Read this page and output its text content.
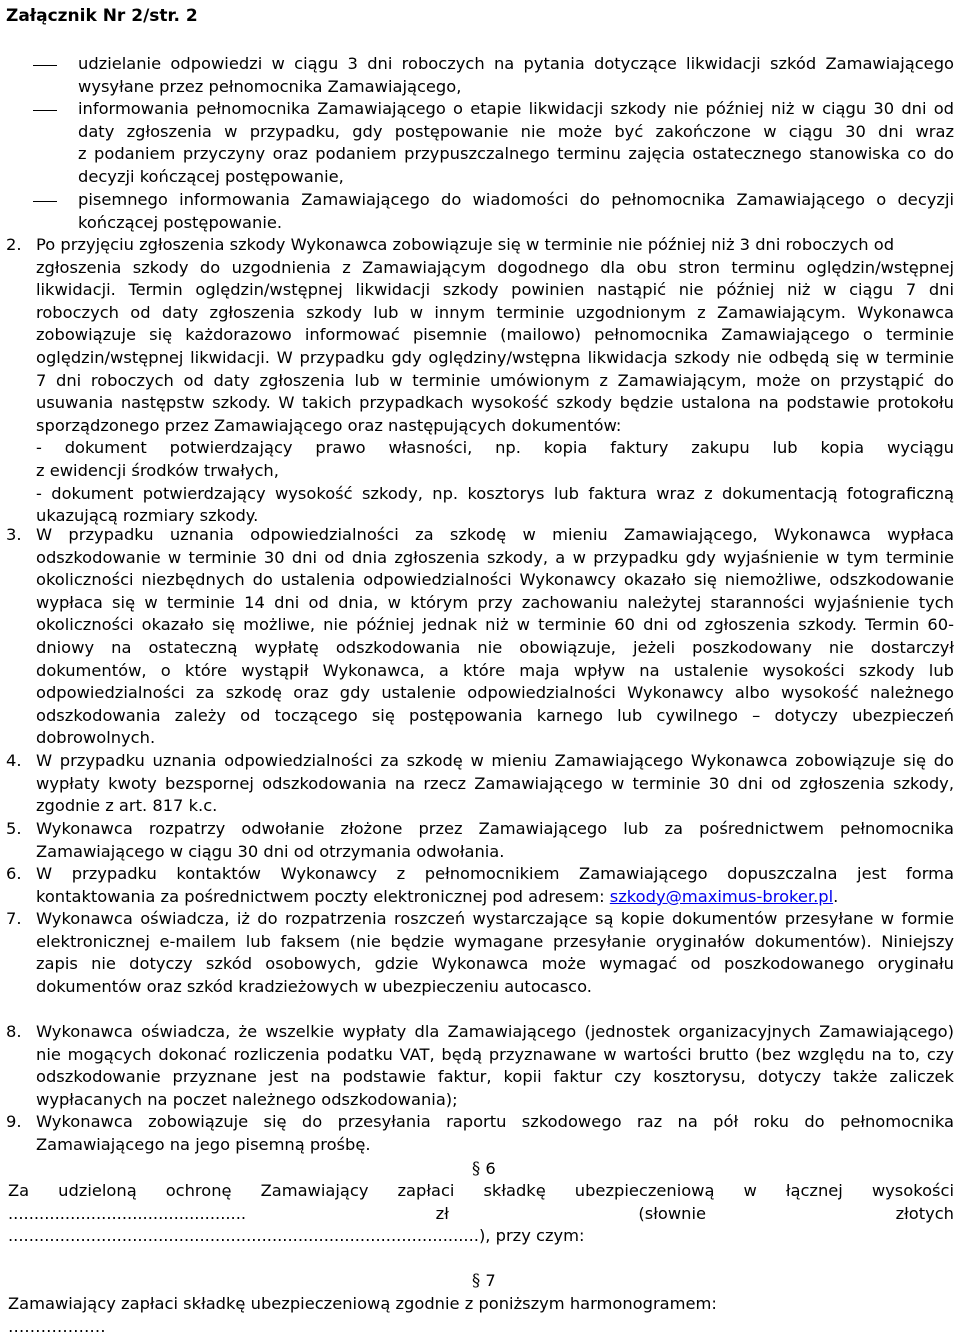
Załącznik Nr 2/str. 2
udzielanie odpowiedzi w ciągu 3 dni roboczych na pytania dotyczące likwidacji szkód Zamawiającego
wysyłane przez pełnomocnika Zamawiającego,
informowania pełnomocnika Zamawiającego o etapie likwidacji szkody nie później niż w ciągu 30 dni od
daty zgłoszenia w przypadku, gdy postępowanie nie może być zakończone w ciągu 30 dni wraz
z podaniem przyczyny oraz podaniem przypuszczalnego terminu zajęcia ostatecznego stanowiska co do
decyzji kończącej postępowanie,
pisemnego informowania Zamawiającego do wiadomości do pełnomocnika Zamawiającego o decyzji
kończącej postępowanie.
2. Po przyjęciu zgłoszenia szkody Wykonawca zobowiązuje się w terminie nie później niż 3 dni roboczych od
zgłoszenia szkody do uzgodnienia z Zamawiającym dogodnego dla obu stron terminu oględzin/wstępnej
likwidacji. Termin oględzin/wstępnej likwidacji szkody powinien nastąpić nie później niż w ciągu 7 dni
roboczych od daty zgłoszenia szkody lub w innym terminie uzgodnionym z Zamawiającym. Wykonawca
zobowiązuje się każdorazowo informować pisemnie (mailowo) pełnomocnika Zamawiającego o terminie
oględzin/wstępnej likwidacji. W przypadku gdy oględziny/wstępna likwidacja szkody nie odbędą się w terminie
7 dni roboczych od daty zgłoszenia lub w terminie umówionym z Zamawiającym, może on przystąpić do
usuwania następstw szkody. W takich przypadkach wysokość szkody będzie ustalona na podstawie protokołu
sporządzonego przez Zamawiającego oraz następujących dokumentów:
- dokument potwierdzający prawo własności, np. kopia faktury zakupu lub kopia wyciągu
z ewidencji środków trwałych,
- dokument potwierdzający wysokość szkody, np. kosztorys lub faktura wraz z dokumentacją fotograficzną
ukazującą rozmiary szkody.
3. W przypadku uznania odpowiedzialności za szkodę w mieniu Zamawiającego, Wykonawca wypłaca
odszkodowanie w terminie 30 dni od dnia zgłoszenia szkody, a w przypadku gdy wyjaśnienie w tym terminie
okoliczności niezbędnych do ustalenia odpowiedzialności Wykonawcy okazało się niemożliwe, odszkodowanie
wypłaca się w terminie 14 dni od dnia, w którym przy zachowaniu należytej staranności wyjaśnienie tych
okoliczności okazało się możliwe, nie później jednak niż w terminie 60 dni od zgłoszenia szkody. Termin 60-
dniowy na ostateczną wypłatę odszkodowania nie obowiązuje, jeżeli poszkodowany nie dostarczył
dokumentów, o które wystąpił Wykonawca, a które maja wpływ na ustalenie wysokości szkody lub
odpowiedzialności za szkodę oraz gdy ustalenie odpowiedzialności Wykonawcy albo wysokość należnego
odszkodowania zależy od toczącego się postępowania karnego lub cywilnego – dotyczy ubezpieczeń
dobrowolnych.
4. W przypadku uznania odpowiedzialności za szkodę w mieniu Zamawiającego Wykonawca zobowiązuje się do
wypłaty kwoty bezspornej odszkodowania na rzecz Zamawiającego w terminie 30 dni od zgłoszenia szkody,
zgodnie z art. 817 k.c.
5. Wykonawca rozpatrzy odwołanie złożone przez Zamawiającego lub za pośrednictwem pełnomocnika
Zamawiającego w ciągu 30 dni od otrzymania odwołania.
6. W przypadku kontaktów Wykonawcy z pełnomocnikiem Zamawiającego dopuszczalna jest forma
kontaktowania za pośrednictwem poczty elektronicznej pod adresem: szkody@maximus-broker.pl.
7. Wykonawca oświadcza, iż do rozpatrzenia roszczeń wystarczające są kopie dokumentów przesyłane w formie
elektronicznej e-mailem lub faksem (nie będzie wymagane przesyłanie oryginałów dokumentów). Niniejszy
zapis nie dotyczy szkód osobowych, gdzie Wykonawca może wymagać od poszkodowanego oryginału
dokumentów oraz szkód kradzieżowych w ubezpieczeniu autocasco.
8. Wykonawca oświadcza, że wszelkie wypłaty dla Zamawiającego (jednostek organizacyjnych Zamawiającego)
nie mogących dokonać rozliczenia podatku VAT, będą przyznawane w wartości brutto (bez względu na to, czy
odszkodowanie przyznane jest na podstawie faktur, kopii faktur czy kosztorysu, dotyczy także zaliczek
wypłacanych na poczet należnego odszkodowania);
9. Wykonawca zobowiązuje się do przesyłania raportu szkodowego raz na pół roku do pełnomocnika
Zamawiającego na jego pisemną prośbę.
§ 6
Za udzieloną ochronę Zamawiający zapłaci składkę ubezpieczeniową w łącznej wysokości
.............................................. zł (słownie złotych
...........................................................................................), przy czym:
§ 7
Zamawiający zapłaci składkę ubezpieczeniową zgodnie z poniższym harmonogramem:
………………
